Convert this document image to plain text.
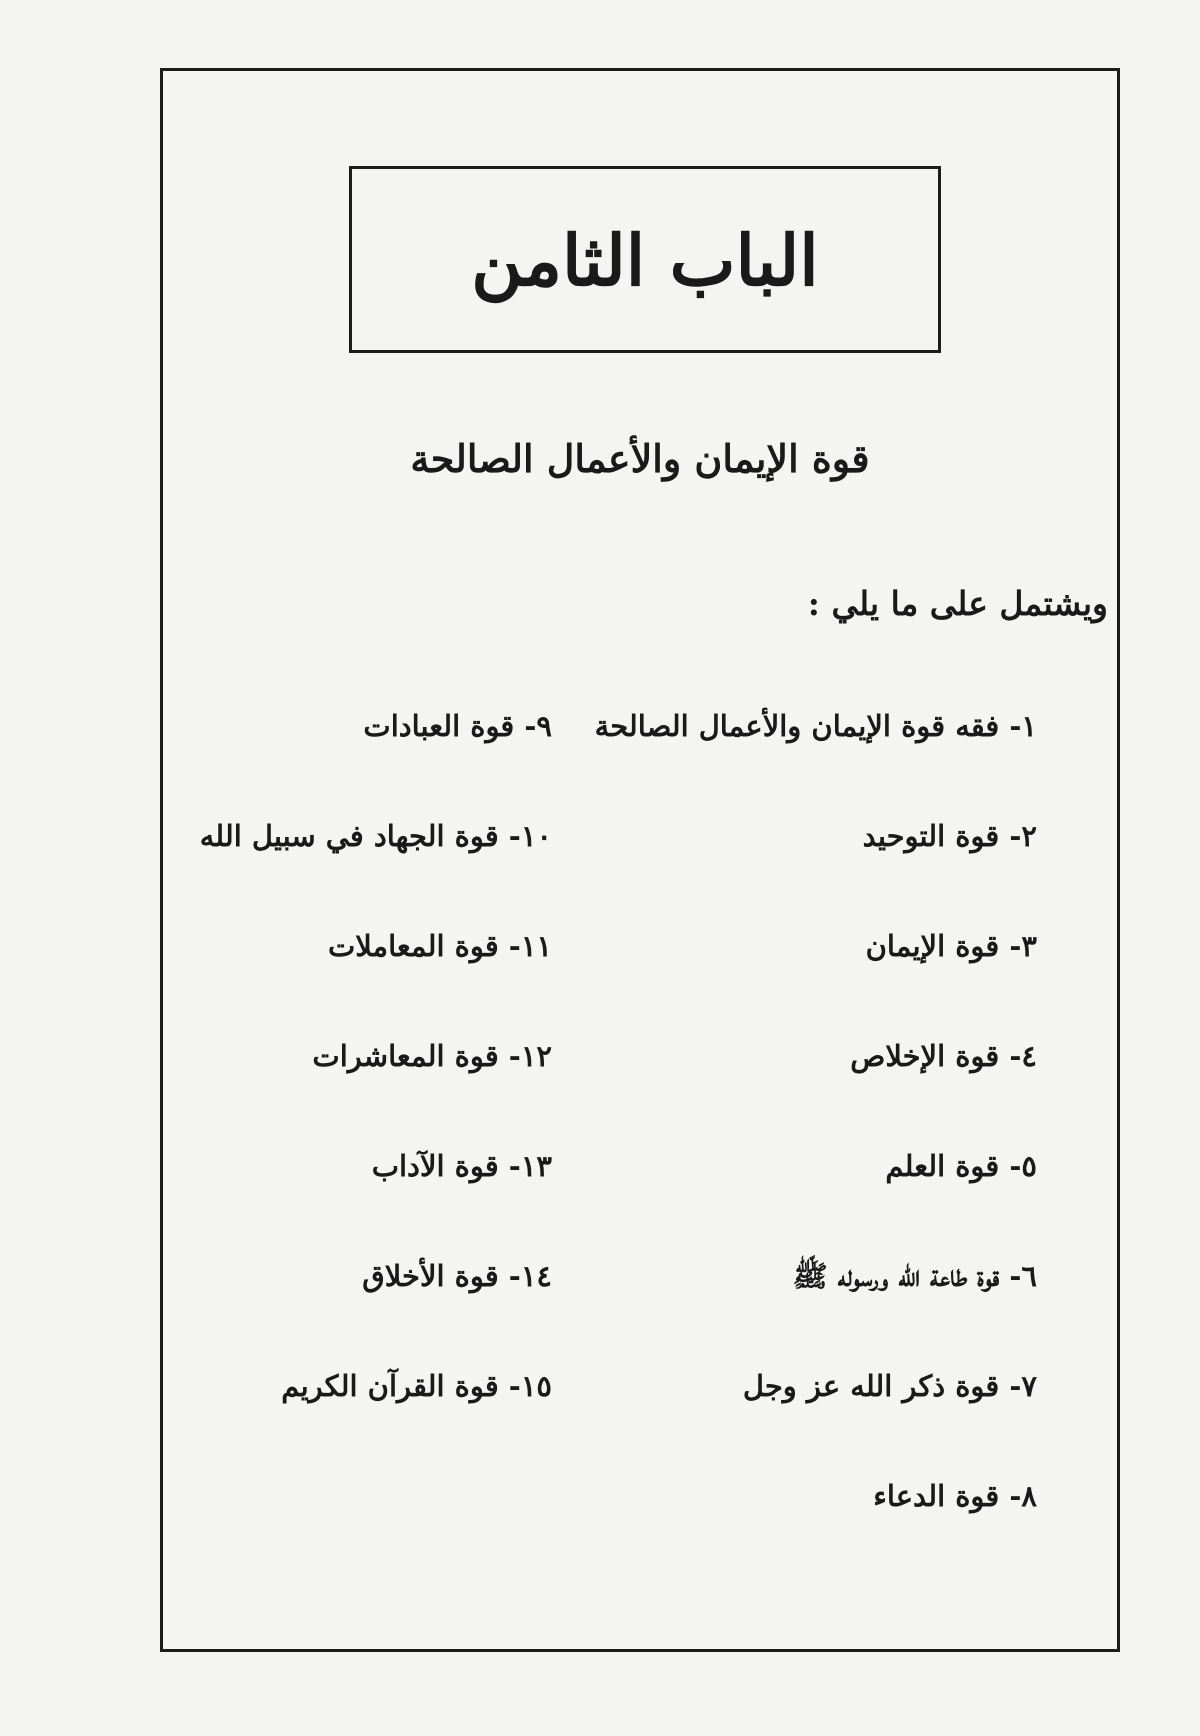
الباب الثامن
قوة الإيمان والأعمال الصالحة
ويشتمل على ما يلي :
١- فقه قوة الإيمان والأعمال الصالحة
٢- قوة التوحيد
٣- قوة الإيمان
٤- قوة الإخلاص
٥- قوة العلم
٦- قوة طاعة الله ورسوله ﷺ
٧- قوة ذكر الله عز وجل
٨- قوة الدعاء
٩- قوة العبادات
١٠- قوة الجهاد في سبيل الله
١١- قوة المعاملات
١٢- قوة المعاشرات
١٣- قوة الآداب
١٤- قوة الأخلاق
١٥- قوة القرآن الكريم
